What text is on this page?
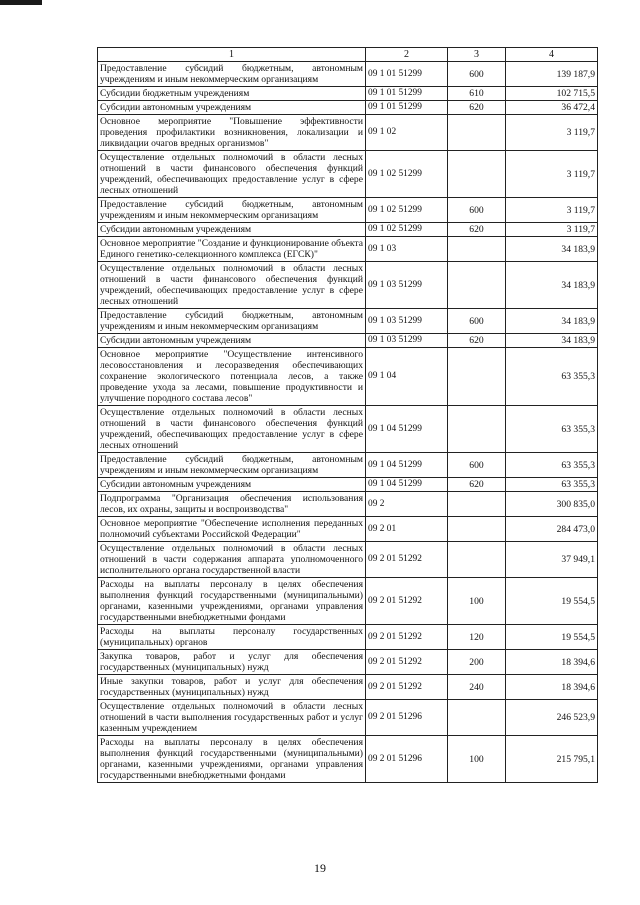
1	2	3	4
Предоставление субсидий бюджетным, автономным учреждениям и иным некоммерческим организациям	09 1 01 51299	600	139 187,9
Субсидии бюджетным учреждениям	09 1 01 51299	610	102 715,5
Субсидии автономным учреждениям	09 1 01 51299	620	36 472,4
Основное мероприятие "Повышение эффективности проведения профилактики возникновения, локализации и ликвидации очагов вредных организмов"	09 1 02		3 119,7
Осуществление отдельных полномочий в области лесных отношений в части финансового обеспечения функций учреждений, обеспечивающих предоставление услуг в сфере лесных отношений	09 1 02 51299		3 119,7
Предоставление субсидий бюджетным, автономным учреждениям и иным некоммерческим организациям	09 1 02 51299	600	3 119,7
Субсидии автономным учреждениям	09 1 02 51299	620	3 119,7
Основное мероприятие "Создание и функционирование объекта Единого генетико-селекционного комплекса (ЕГСК)"	09 1 03		34 183,9
Осуществление отдельных полномочий в области лесных отношений в части финансового обеспечения функций учреждений, обеспечивающих предоставление услуг в сфере лесных отношений	09 1 03 51299		34 183,9
Предоставление субсидий бюджетным, автономным учреждениям и иным некоммерческим организациям	09 1 03 51299	600	34 183,9
Субсидии автономным учреждениям	09 1 03 51299	620	34 183,9
Основное мероприятие "Осуществление интенсивного лесовосстановления и лесоразведения обеспечивающих сохранение экологического потенциала лесов, а также проведение ухода за лесами, повышение продуктивности и улучшение породного состава лесов"	09 1 04		63 355,3
Осуществление отдельных полномочий в области лесных отношений в части финансового обеспечения функций учреждений, обеспечивающих предоставление услуг в сфере лесных отношений	09 1 04 51299		63 355,3
Предоставление субсидий бюджетным, автономным учреждениям и иным некоммерческим организациям	09 1 04 51299	600	63 355,3
Субсидии автономным учреждениям	09 1 04 51299	620	63 355,3
Подпрограмма "Организация обеспечения использования лесов, их охраны, защиты и воспроизводства"	09 2		300 835,0
Основное мероприятие "Обеспечение исполнения переданных полномочий субъектами Российской Федерации"	09 2 01		284 473,0
Осуществление отдельных полномочий в области лесных отношений в части содержания аппарата уполномоченного исполнительного органа государственной власти	09 2 01 51292		37 949,1
Расходы на выплаты персоналу в целях обеспечения выполнения функций государственными (муниципальными) органами, казенными учреждениями, органами управления государственными внебюджетными фондами	09 2 01 51292	100	19 554,5
Расходы на выплаты персоналу государственных (муниципальных) органов	09 2 01 51292	120	19 554,5
Закупка товаров, работ и услуг для обеспечения государственных (муниципальных) нужд	09 2 01 51292	200	18 394,6
Иные закупки товаров, работ и услуг для обеспечения государственных (муниципальных) нужд	09 2 01 51292	240	18 394,6
Осуществление отдельных полномочий в области лесных отношений в части выполнения государственных работ и услуг казенным учреждением	09 2 01 51296		246 523,9
Расходы на выплаты персоналу в целях обеспечения выполнения функций государственными (муниципальными) органами, казенными учреждениями, органами управления государственными внебюджетными фондами	09 2 01 51296	100	215 795,1
19
